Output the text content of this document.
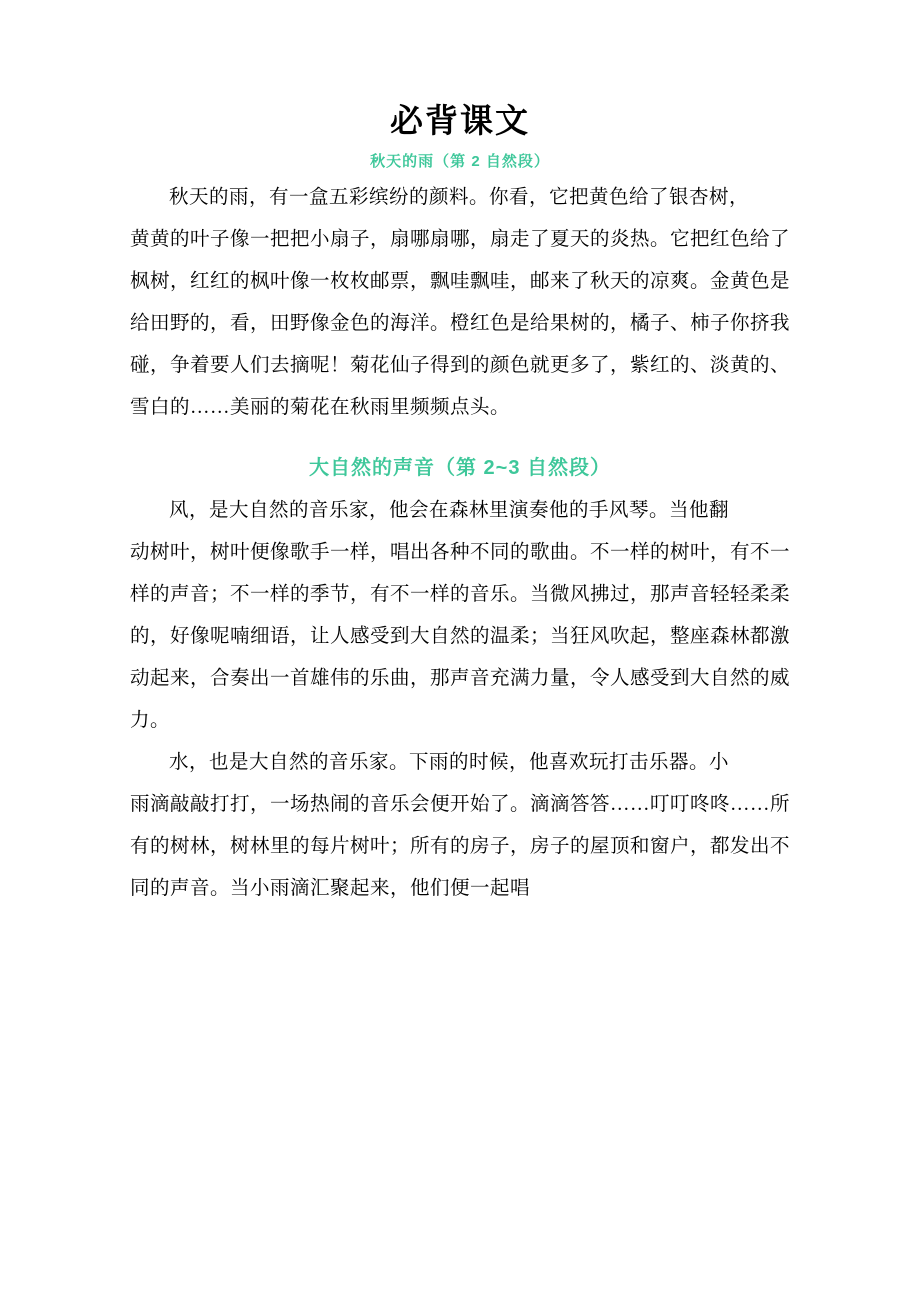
必背课文
秋天的雨（第 2 自然段）

秋天的雨，有一盒五彩缤纷的颜料。你看，它把黄色给了银杏树，

黄黄的叶子像一把把小扇子，扇哪扇哪，扇走了夏天的炎热。它把红色给了枫树，红红的枫叶像一枚枚邮票，飘哇飘哇，邮来了秋天的凉爽。金黄色是给田野的，看，田野像金色的海洋。橙红色是给果树的，橘子、柿子你挤我碰，争着要人们去摘呢！菊花仙子得到的颜色就更多了，紫红的、淡黄的、雪白的……美丽的菊花在秋雨里频频点头。

大自然的声音（第 2~3 自然段）

风，是大自然的音乐家，他会在森林里演奏他的手风琴。当他翻

动树叶，树叶便像歌手一样，唱出各种不同的歌曲。不一样的树叶，有不一样的声音；不一样的季节，有不一样的音乐。当微风拂过，那声音轻轻柔柔的，好像呢喃细语，让人感受到大自然的温柔；当狂风吹起，整座森林都激动起来，合奏出一首雄伟的乐曲，那声音充满力量，令人感受到大自然的威力。

水，也是大自然的音乐家。下雨的时候，他喜欢玩打击乐器。小

雨滴敲敲打打，一场热闹的音乐会便开始了。滴滴答答……叮叮咚咚……所有的树林，树林里的每片树叶；所有的房子，房子的屋顶和窗户，都发出不同的声音。当小雨滴汇聚起来，他们便一起唱
